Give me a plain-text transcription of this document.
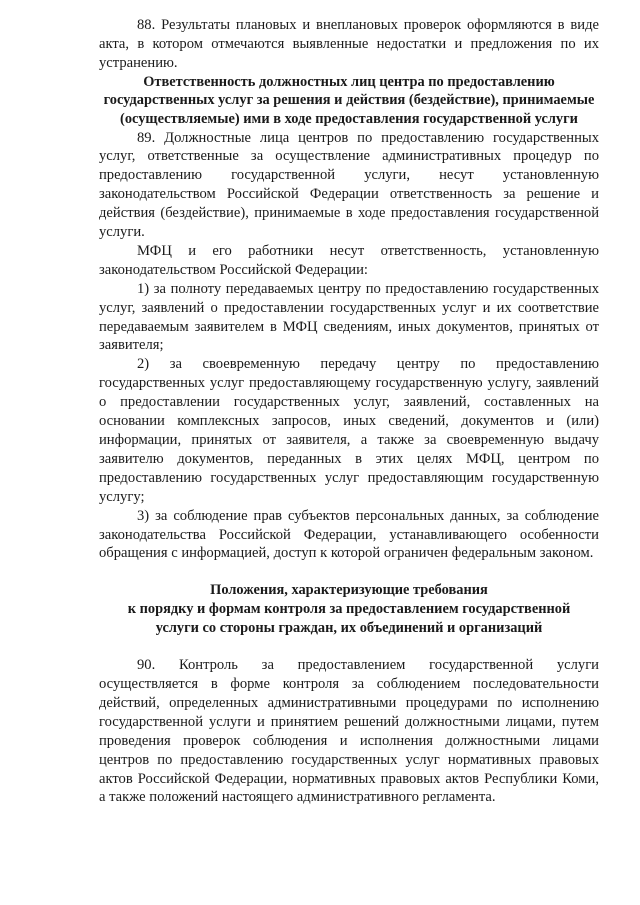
88. Результаты плановых и внеплановых проверок оформляются в виде акта, в котором отмечаются выявленные недостатки и предложения по их устранению.

Ответственность должностных лиц центра по предоставлению государственных услуг за решения и действия (бездействие), принимаемые (осуществляемые) ими в ходе предоставления государственной услуги

89. Должностные лица центров по предоставлению государственных услуг, ответственные за осуществление административных процедур по предоставлению государственной услуги, несут установленную законодательством Российской Федерации ответственность за решение и действия (бездействие), принимаемые в ходе предоставления государственной услуги.

МФЦ и его работники несут ответственность, установленную законодательством Российской Федерации:

1) за полноту передаваемых центру по предоставлению государственных услуг, заявлений о предоставлении государственных услуг и их соответствие передаваемым заявителем в МФЦ сведениям, иных документов, принятых от заявителя;

2) за своевременную передачу центру по предоставлению государственных услуг предоставляющему государственную услугу, заявлений о предоставлении государственных услуг, заявлений, составленных на основании комплексных запросов, иных сведений, документов и (или) информации, принятых от заявителя, а также за своевременную выдачу заявителю документов, переданных в этих целях МФЦ, центром по предоставлению государственных услуг предоставляющим государственную услугу;

3) за соблюдение прав субъектов персональных данных, за соблюдение законодательства Российской Федерации, устанавливающего особенности обращения с информацией, доступ к которой ограничен федеральным законом.

Положения, характеризующие требования
к порядку и формам контроля за предоставлением государственной
услуги со стороны граждан, их объединений и организаций

90. Контроль за предоставлением государственной услуги осуществляется в форме контроля за соблюдением последовательности действий, определенных административными процедурами по исполнению государственной услуги и принятием решений должностными лицами, путем проведения проверок соблюдения и исполнения должностными лицами центров по предоставлению государственных услуг нормативных правовых актов Российской Федерации, нормативных правовых актов Республики Коми, а также положений настоящего административного регламента.
